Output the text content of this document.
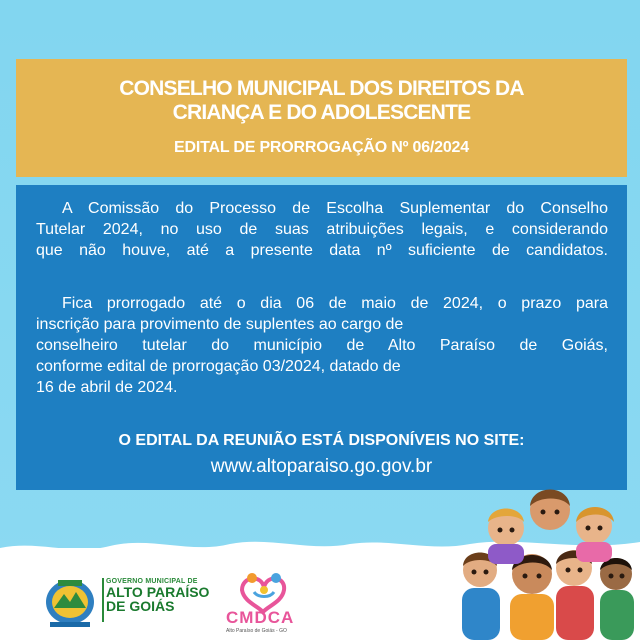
CONSELHO MUNICIPAL DOS DIREITOS DA
CRIANÇA E DO ADOLESCENTE
EDITAL DE PRORROGAÇÃO Nº 06/2024
A Comissão do Processo de Escolha Suplementar do Conselho
Tutelar 2024, no uso de suas atribuições legais, e considerando
que não houve, até a presente data nº suficiente de candidatos.
Fica prorrogado até o dia 06 de maio de 2024, o prazo para
inscrição para provimento de suplentes ao cargo de
conselheiro tutelar do município de Alto Paraíso de Goiás,
conforme edital de prorrogação 03/2024, datado de
16 de abril de 2024.
O EDITAL DA REUNIÃO ESTÁ DISPONÍVEIS NO SITE:
www.altoparaiso.go.gov.br
GOVERNO MUNICIPAL DE
ALTO PARAÍSO
DE GOIÁS
CMDCA
Alto Paraíso de Goiás - GO
